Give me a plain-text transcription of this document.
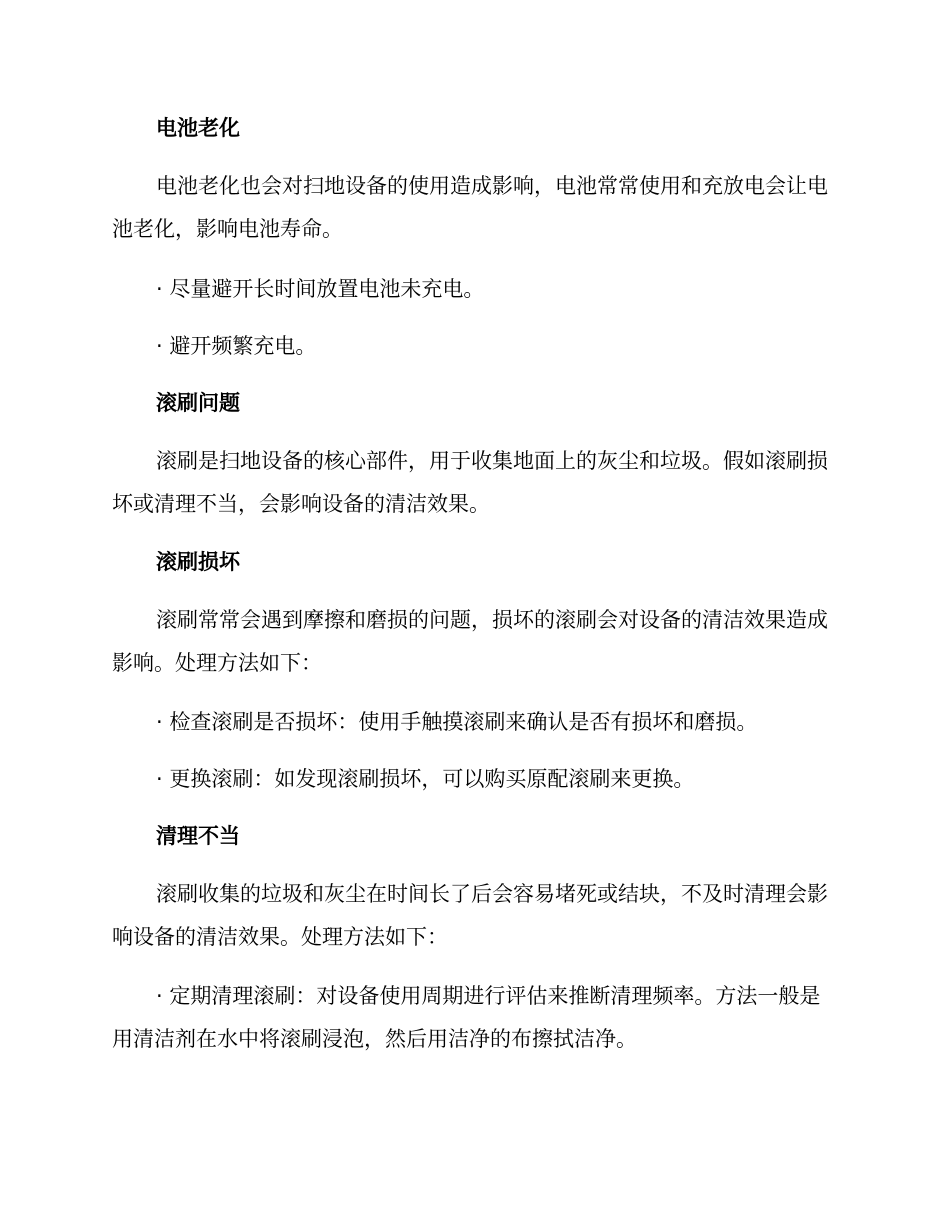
电池老化

电池老化也会对扫地设备的使用造成影响，电池常常使用和充放电会让电池老化，影响电池寿命。

· 尽量避开长时间放置电池未充电。

· 避开频繁充电。

滚刷问题

滚刷是扫地设备的核心部件，用于收集地面上的灰尘和垃圾。假如滚刷损坏或清理不当，会影响设备的清洁效果。

滚刷损坏

滚刷常常会遇到摩擦和磨损的问题，损坏的滚刷会对设备的清洁效果造成影响。处理方法如下：

· 检查滚刷是否损坏：使用手触摸滚刷来确认是否有损坏和磨损。

· 更换滚刷：如发现滚刷损坏，可以购买原配滚刷来更换。

清理不当

滚刷收集的垃圾和灰尘在时间长了后会容易堵死或结块，不及时清理会影响设备的清洁效果。处理方法如下：

· 定期清理滚刷：对设备使用周期进行评估来推断清理频率。方法一般是用清洁剂在水中将滚刷浸泡，然后用洁净的布擦拭洁净。
